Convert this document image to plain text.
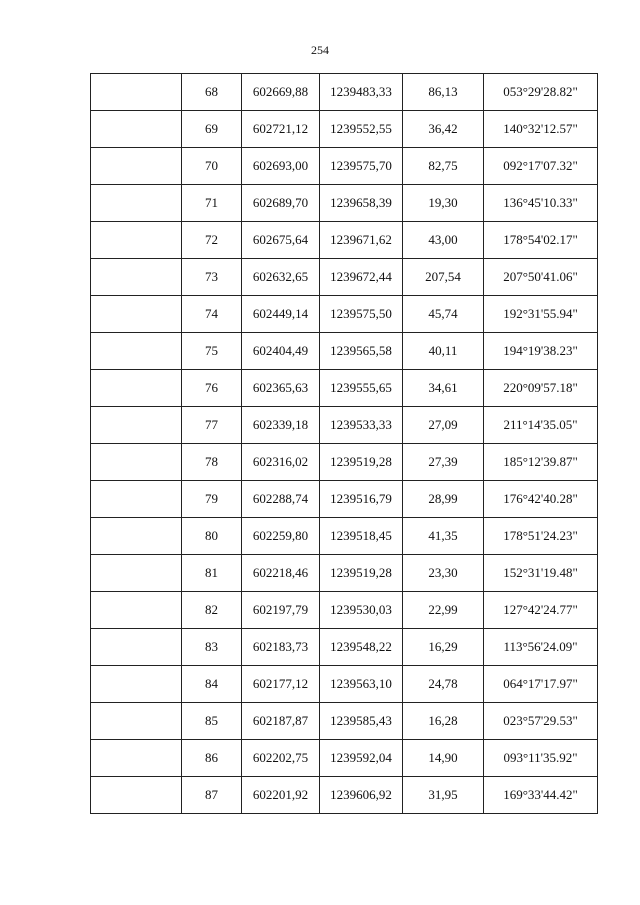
254
	68	602669,88	1239483,33	86,13	053°29'28.82"
	69	602721,12	1239552,55	36,42	140°32'12.57"
	70	602693,00	1239575,70	82,75	092°17'07.32"
	71	602689,70	1239658,39	19,30	136°45'10.33"
	72	602675,64	1239671,62	43,00	178°54'02.17"
	73	602632,65	1239672,44	207,54	207°50'41.06"
	74	602449,14	1239575,50	45,74	192°31'55.94"
	75	602404,49	1239565,58	40,11	194°19'38.23"
	76	602365,63	1239555,65	34,61	220°09'57.18"
	77	602339,18	1239533,33	27,09	211°14'35.05"
	78	602316,02	1239519,28	27,39	185°12'39.87"
	79	602288,74	1239516,79	28,99	176°42'40.28"
	80	602259,80	1239518,45	41,35	178°51'24.23"
	81	602218,46	1239519,28	23,30	152°31'19.48"
	82	602197,79	1239530,03	22,99	127°42'24.77"
	83	602183,73	1239548,22	16,29	113°56'24.09"
	84	602177,12	1239563,10	24,78	064°17'17.97"
	85	602187,87	1239585,43	16,28	023°57'29.53"
	86	602202,75	1239592,04	14,90	093°11'35.92"
	87	602201,92	1239606,92	31,95	169°33'44.42"
